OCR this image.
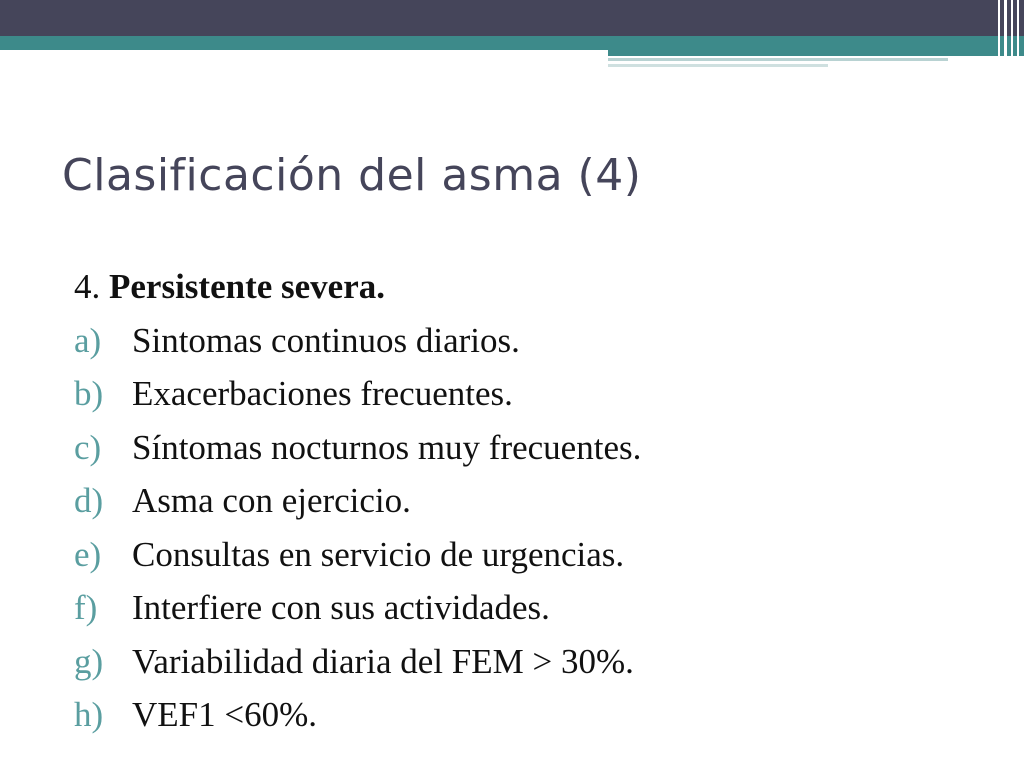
Clasificación del asma (4)
4. Persistente severa.
a) Sintomas continuos diarios.
b) Exacerbaciones frecuentes.
c) Síntomas nocturnos muy frecuentes.
d) Asma con ejercicio.
e) Consultas en servicio de urgencias.
f) Interfiere con sus actividades.
g) Variabilidad diaria del FEM > 30%.
h) VEF1 <60%.
